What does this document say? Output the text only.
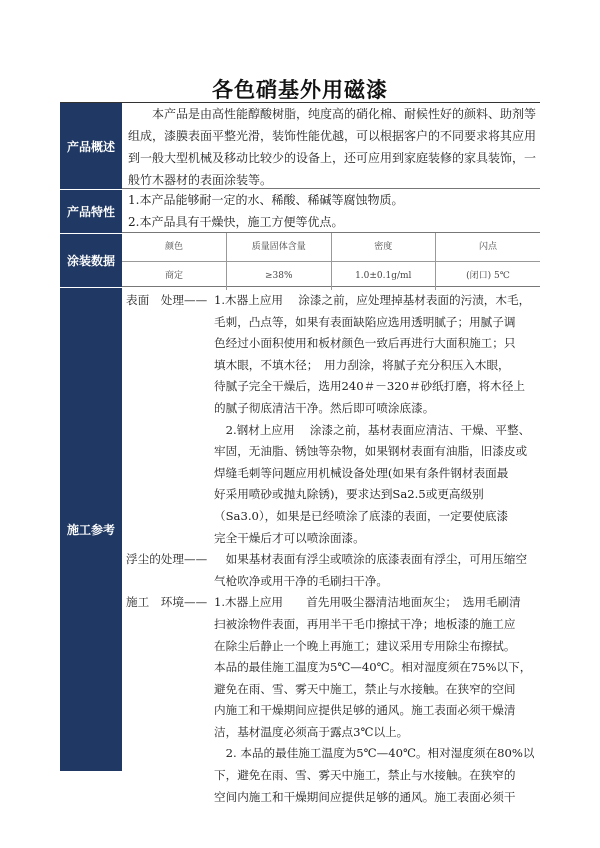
各色硝基外用磁漆
产品概述
本产品是由高性能醇酸树脂，纯度高的硝化棉、耐候性好的颜料、助剂等
组成，漆膜表面平整光滑，装饰性能优越，可以根据客户的不同要求将其应用
到一般大型机械及移动比较少的设备上，还可应用到家庭装修的家具装饰，一
般竹木器材的表面涂装等。
产品特性
1.本产品能够耐一定的水、稀酸、稀碱等腐蚀物质。
2.本产品具有干燥快，施工方便等优点。
涂装数据
颜色	质量固体含量	密度	闪点
商定	≥38%	1.0±0.1g/ml	(闭口) 5℃
施工参考
表面　处理—— 1.木器上应用　 涂漆之前，应处理掉基材表面的污渍，木毛，
毛刺，凸点等，如果有表面缺陷应选用透明腻子；用腻子调
色经过小面积使用和板材颜色一致后再进行大面积施工；只
填木眼，不填木径；　用力刮涂，将腻子充分积压入木眼，
待腻子完全干燥后，选用240＃－320＃砂纸打磨，将木径上
的腻子彻底清洁干净。然后即可喷涂底漆。
　2.钢材上应用　 涂漆之前，基材表面应清洁、干燥、平整、
牢固，无油脂、锈蚀等杂物，如果钢材表面有油脂，旧漆皮或
焊缝毛刺等问题应用机械设备处理(如果有条件钢材表面最
好采用喷砂或抛丸除锈)，要求达到Sa2.5或更高级别
（Sa3.0），如果是已经喷涂了底漆的表面，一定要使底漆
完全干燥后才可以喷涂面漆。
浮尘的处理—— 　如果基材表面有浮尘或喷涂的底漆表面有浮尘，可用压缩空
气枪吹净或用干净的毛刷扫干净。
施工　环境—— 1.木器上应用　　首先用吸尘器清洁地面灰尘；　选用毛刷清
扫被涂物件表面，再用半干毛巾擦拭干净；地板漆的施工应
在除尘后静止一个晚上再施工；建议采用专用除尘布擦拭。
本品的最佳施工温度为5℃—40℃。相对湿度须在75%以下，
避免在雨、雪、雾天中施工，禁止与水接触。在狭窄的空间
内施工和干燥期间应提供足够的通风。施工表面必须干燥清
洁，基材温度必须高于露点3℃以上。
　2. 本品的最佳施工温度为5℃—40℃。相对湿度须在80%以
下，避免在雨、雪、雾天中施工，禁止与水接触。在狭窄的
空间内施工和干燥期间应提供足够的通风。施工表面必须干
